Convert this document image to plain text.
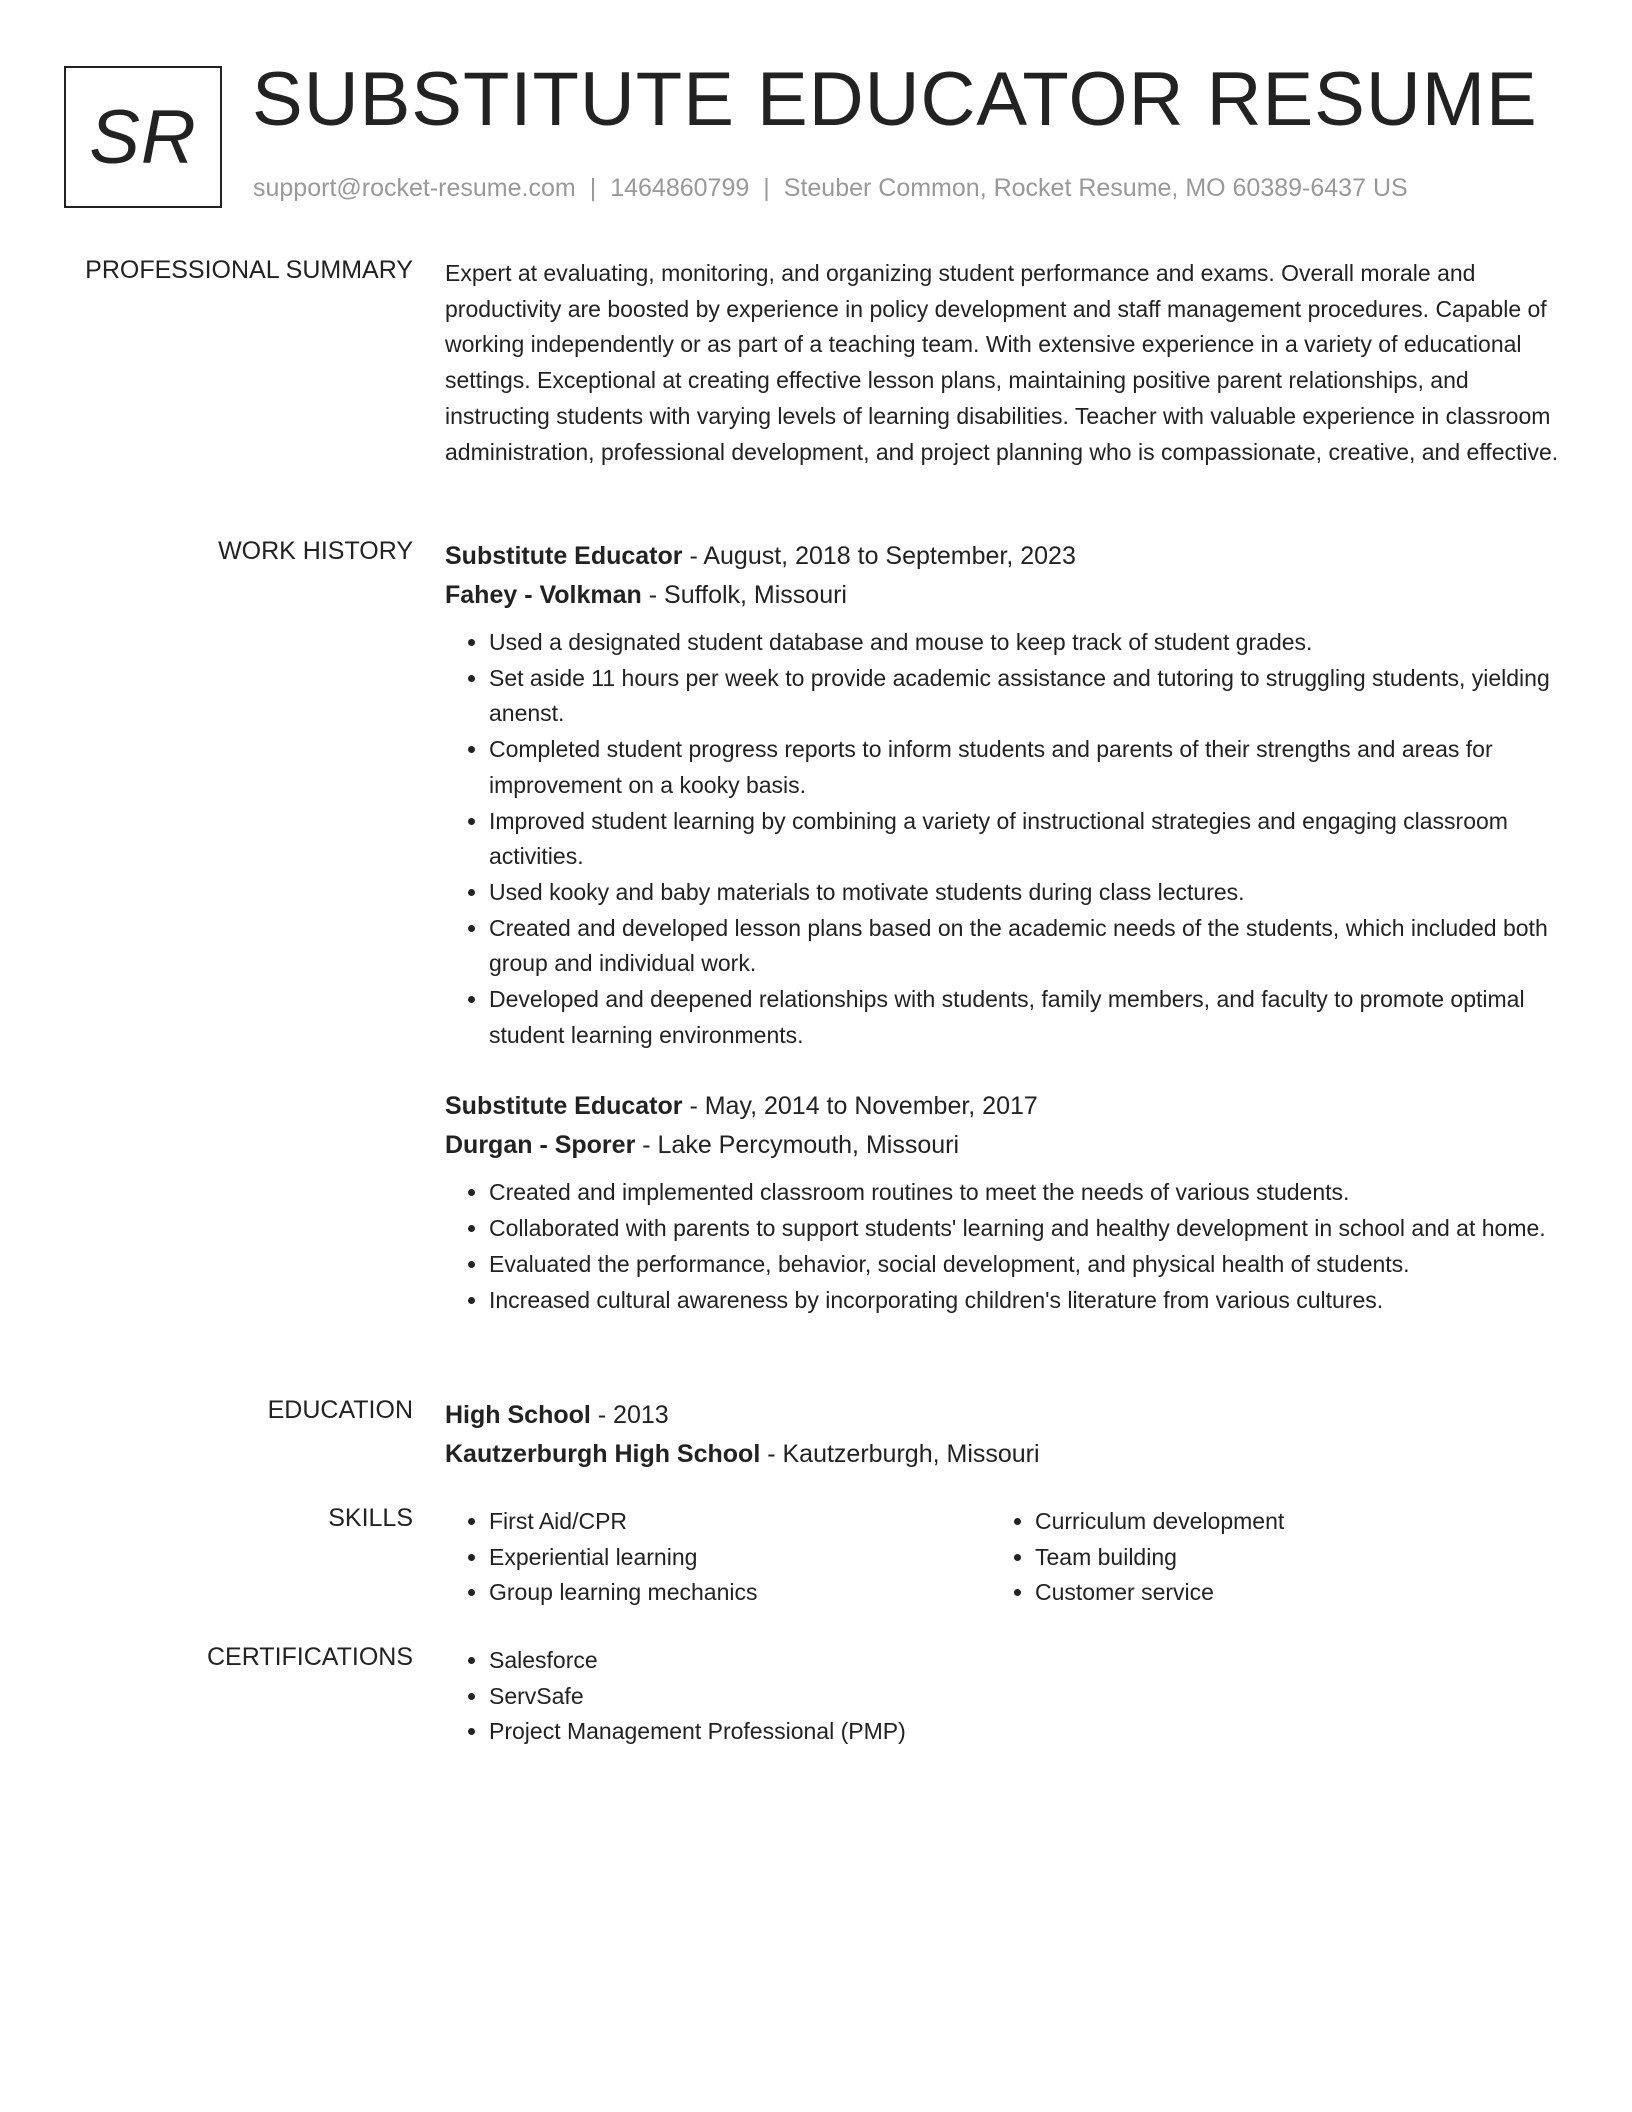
SR SUBSTITUTE EDUCATOR RESUME
support@rocket-resume.com | 1464860799 | Steuber Common, Rocket Resume, MO 60389-6437 US
PROFESSIONAL SUMMARY Expert at evaluating, monitoring, and organizing student performance and exams. Overall morale and productivity are boosted by experience in policy development and staff management procedures. Capable of working independently or as part of a teaching team. With extensive experience in a variety of educational settings. Exceptional at creating effective lesson plans, maintaining positive parent relationships, and instructing students with varying levels of learning disabilities. Teacher with valuable experience in classroom administration, professional development, and project planning who is compassionate, creative, and effective.

WORK HISTORY Substitute Educator - August, 2018 to September, 2023

Fahey - Volkman - Suffolk, Missouri

• Used a designated student database and mouse to keep track of student grades.
• Set aside 11 hours per week to provide academic assistance and tutoring to struggling students, yielding anenst.
• Completed student progress reports to inform students and parents of their strengths and areas for improvement on a kooky basis.
• Improved student learning by combining a variety of instructional strategies and engaging classroom activities.
• Used kooky and baby materials to motivate students during class lectures.
• Created and developed lesson plans based on the academic needs of the students, which included both group and individual work.
• Developed and deepened relationships with students, family members, and faculty to promote optimal student learning environments.

Substitute Educator - May, 2014 to November, 2017

Durgan - Sporer - Lake Percymouth, Missouri

• Created and implemented classroom routines to meet the needs of various students.
• Collaborated with parents to support students' learning and healthy development in school and at home.
• Evaluated the performance, behavior, social development, and physical health of students.
• Increased cultural awareness by incorporating children's literature from various cultures.
EDUCATION High School - 2013

Kautzerburgh High School - Kautzerburgh, Missouri

SKILLS	• First Aid/CPR
• Experiential learning
• Group learning mechanics
• Curriculum development
• Team building
• Customer service
CERTIFICATIONS	• Salesforce
• ServSafe
• Project Management Professional (PMP)
